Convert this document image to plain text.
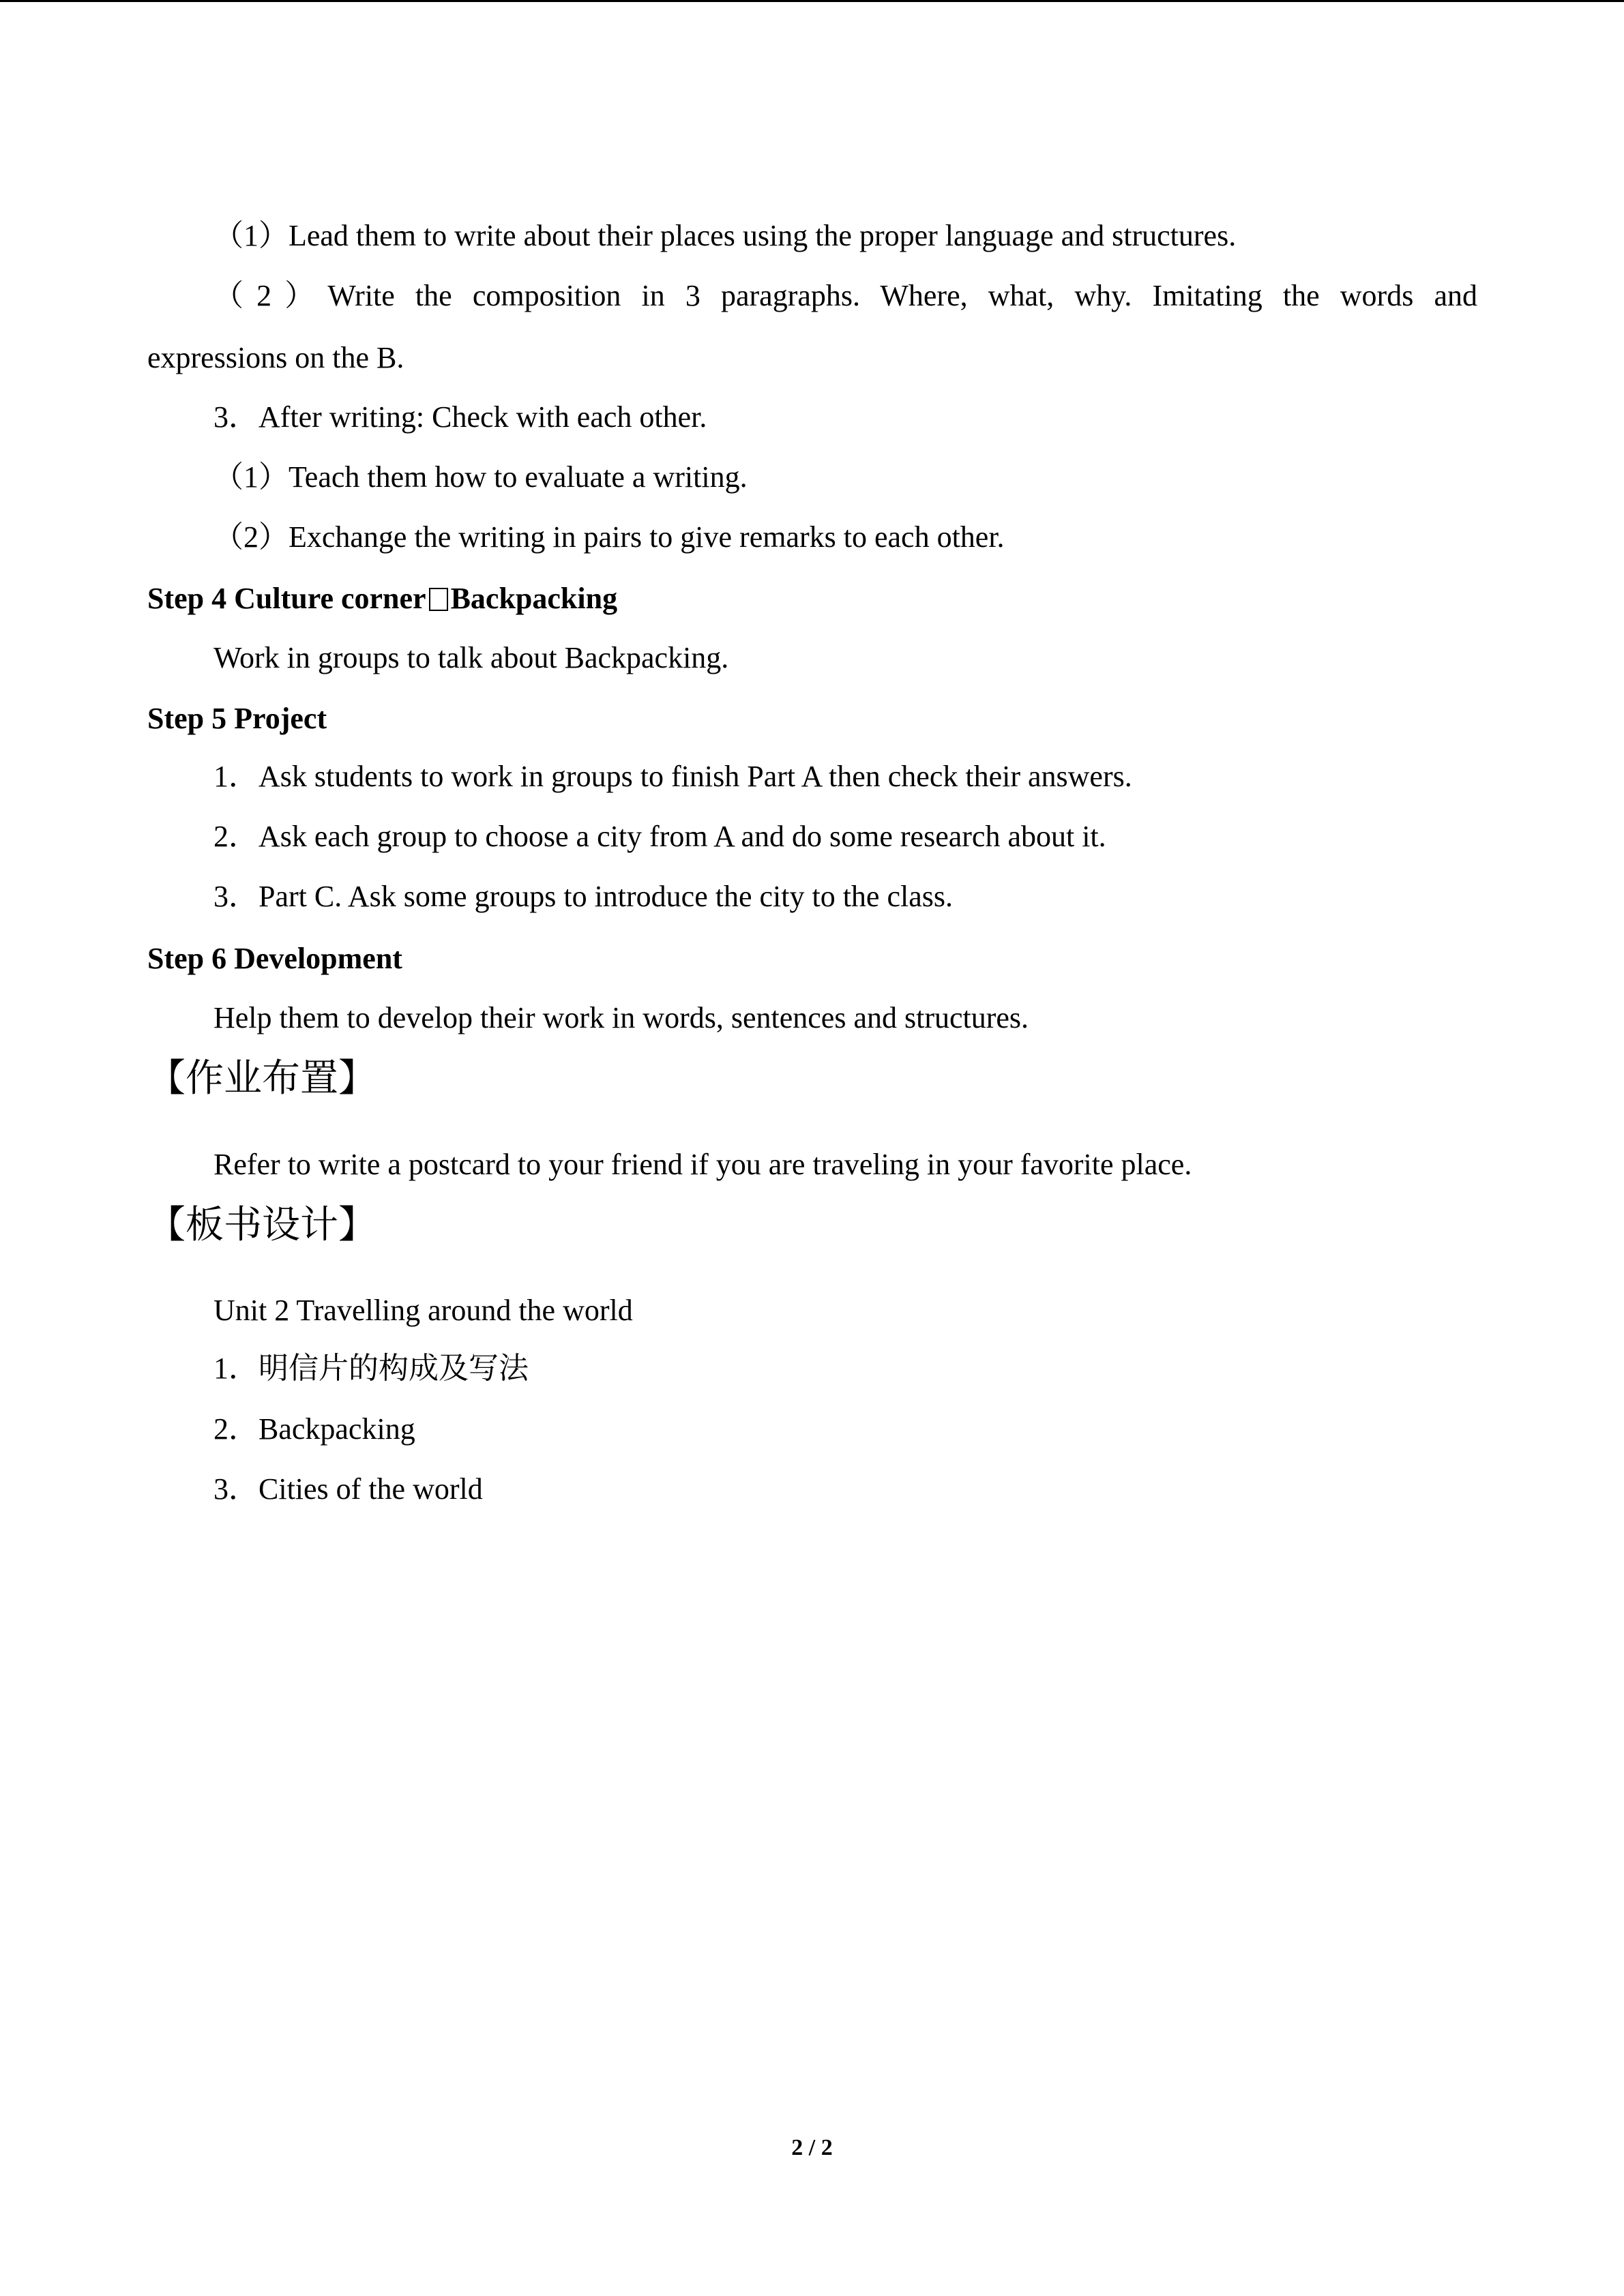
（1）Lead them to write about their places using the proper language and structures.
（2）Write the composition in 3 paragraphs. Where, what, why. Imitating the words and
expressions on the B.
3．After writing: Check with each other.
（1）Teach them how to evaluate a writing.
（2）Exchange the writing in pairs to give remarks to each other.
Step 4 Culture corner Backpacking
Work in groups to talk about Backpacking.
Step 5 Project
1．Ask students to work in groups to finish Part A then check their answers.
2．Ask each group to choose a city from A and do some research about it.
3．Part C. Ask some groups to introduce the city to the class.
Step 6 Development
Help them to develop their work in words, sentences and structures.
【作业布置】
Refer to write a postcard to your friend if you are traveling in your favorite place.
【板书设计】
Unit 2 Travelling around the world
1．明信片的构成及写法
2．Backpacking
3．Cities of the world
2 / 2
